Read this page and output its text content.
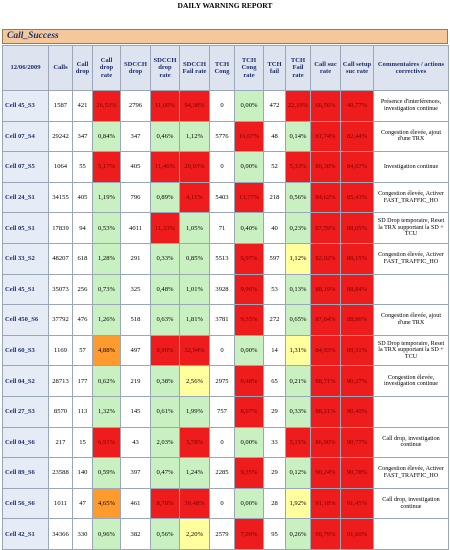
DAILY WARNING REPORT
Call_Success
12/06/2009	Calls	Call drop	Call drop rate	SDCCH drop	SDCCH drop rate	SDCCH Fail rate	TCH Cong	TCH Cong rate	TCH fail	TCH Fail rate	Call suc rate	Call setup suc rate	Commentaires / actions correctives
Cell 45_S3	1587	421	26,53%	2796	11,60%	94,38%	0	0,00%	472	22,19%	66,56%	40,77%	Présence d'interférences, investigation continue
Cell 07_S4	29242	347	0,84%	347	0,46%	1,12%	5776	16,67%	48	0,14%	81,74%	82,44%	Congestion élevée, ajout d'une TRX
Cell 07_S5	1064	55	5,17%	405	11,46%	20,03%	0	0,00%	52	5,33%	80,30%	84,67%	Investigation continue
Cell 24_S1	34155	405	1,19%	796	0,89%	4,11%	5403	13,77%	218	0,56%	84,62%	85,43%	Congestion élevée, Activer FAST_TRAFFIC_HO
Cell 05_S1	17839	94	0,53%	4011	11,33%	1,05%	71	0,40%	40	0,23%	87,59%	88,05%	SD Drop temporaire, Reset la TRX supportant la SD + TCU
Cell 33_S2	48207	618	1,28%	291	0,33%	0,85%	5513	9,97%	597	1,12%	82,02%	88,15%	Congestion élevée, Activer FAST_TRAFFIC_HO
Cell 45_S1	35073	256	0,73%	325	0,48%	1,01%	3928	9,96%	53	0,13%	88,19%	88,84%	
Cell 450_S6	37792	476	1,26%	518	0,63%	1,81%	3781	9,35%	272	0,65%	87,84%	88,86%	Congestion élevée, ajout d'une TRX
Cell 60_S3	1169	57	4,88%	497	8,90%	32,94%	0	0,00%	14	1,31%	84,93%	89,31%	SD Drop temporaire, Reset la TRX supportant la SD + TCU
Cell 04_S2	28713	177	0,62%	219	0,38%	2,56%	2975	9,48%	65	0,21%	88,71%	90,27%	Congestion élevée, investigation continue
Cell 27_S3	8570	113	1,32%	145	0,61%	1,99%	757	8,07%	29	0,33%	88,21%	90,40%	
Cell 04_S6	217	15	6,91%	43	2,03%	3,78%	0	0,00%	33	5,15%	86,90%	90,77%	Call drop, investigation continue
Cell 89_S6	23588	140	0,59%	397	0,47%	1,24%	2285	9,35%	29	0,12%	90,24%	90,78%	Congestion élevée, Activer FAST_TRAFFIC_HO
Cell 56_S6	1011	47	4,65%	461	8,78%	30,48%	0	0,00%	28	1,92%	91,18%	91,45%	Call drop, investigation continue
Cell 42_S1	34366	330	0,96%	382	0,56%	2,20%	2579	7,09%	95	0,26%	90,79%	91,60%	
